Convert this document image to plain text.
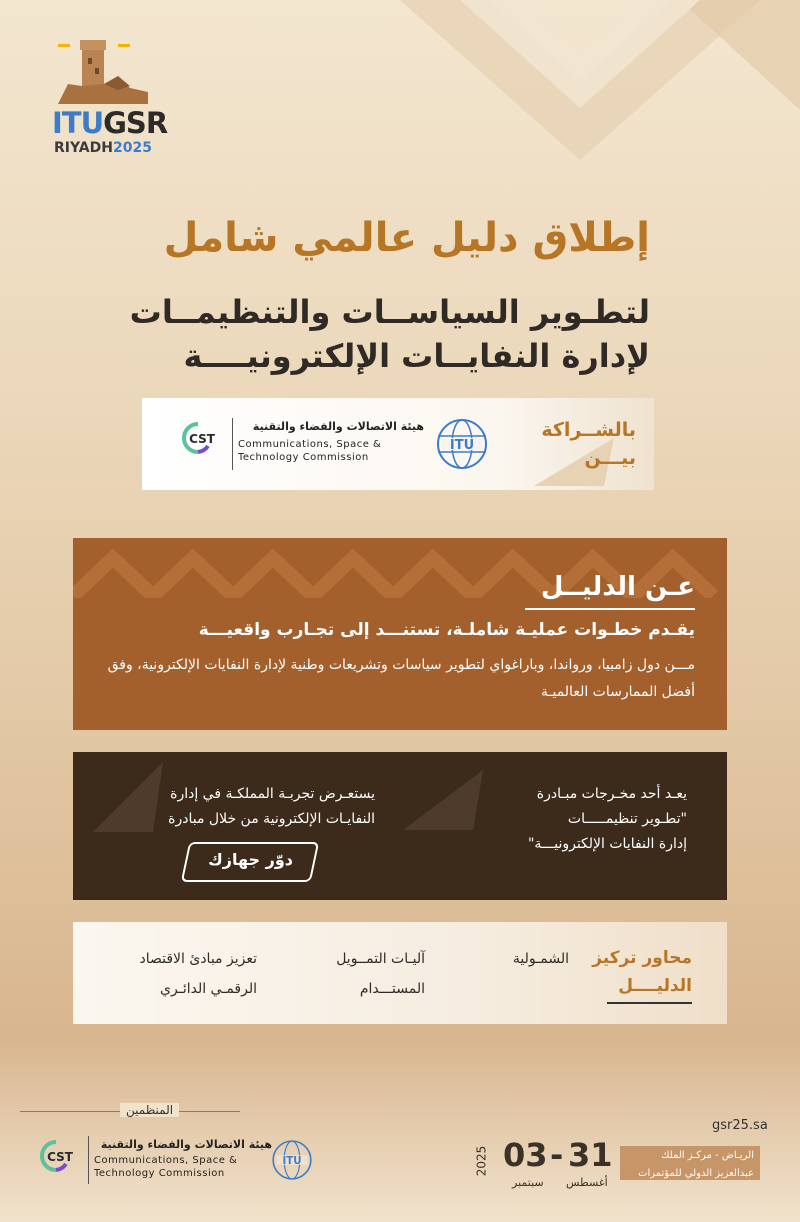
ITUGSR
RIYADH2025
إطلاق دليل عالمي شامل
لتطـوير السياســات والتنظيمــات
لإدارة النفايــات الإلكترونيــــة
بالشــراكة
بيـــن
ITU
CST
هيئة الاتصالات والفضاء والتقنية
Communications, Space &
Technology Commission
عـن الدليــل
يقـدم خطـوات عمليـة شاملـة، تستنـــد إلى تجـارب واقعيـــة
مـــن دول زامبيا، ورواندا، وباراغواي لتطوير سياسات وتشريعات وطنية لإدارة النفايات الإلكترونية، وفق أفضل الممارسات العالميـة
يعـد أحد مخـرجات مبـادرة
"تطـوير تنظيمـــــات
إدارة النفايات الإلكترونيـــة"
يستعـرض تجربـة المملكـة في إدارة
النفايـات الإلكترونية من خلال مبادرة
دوّر جهازك
محاور تركيز
الدليــــل
الشمـولية
آليـات التمــويل
المستـــدام
تعزيز مبادئ الاقتصاد
الرقمـي الدائـري
المنظمين
ITU
CST
هيئة الاتصالات والفضاء والتقنية
Communications, Space &
Technology Commission	2025 03 - 31
سبتمبر أغسطس
gsr25.sa
الريـاض - مركـز الملك
عبدالعزيز الدولي للمؤتمرات
